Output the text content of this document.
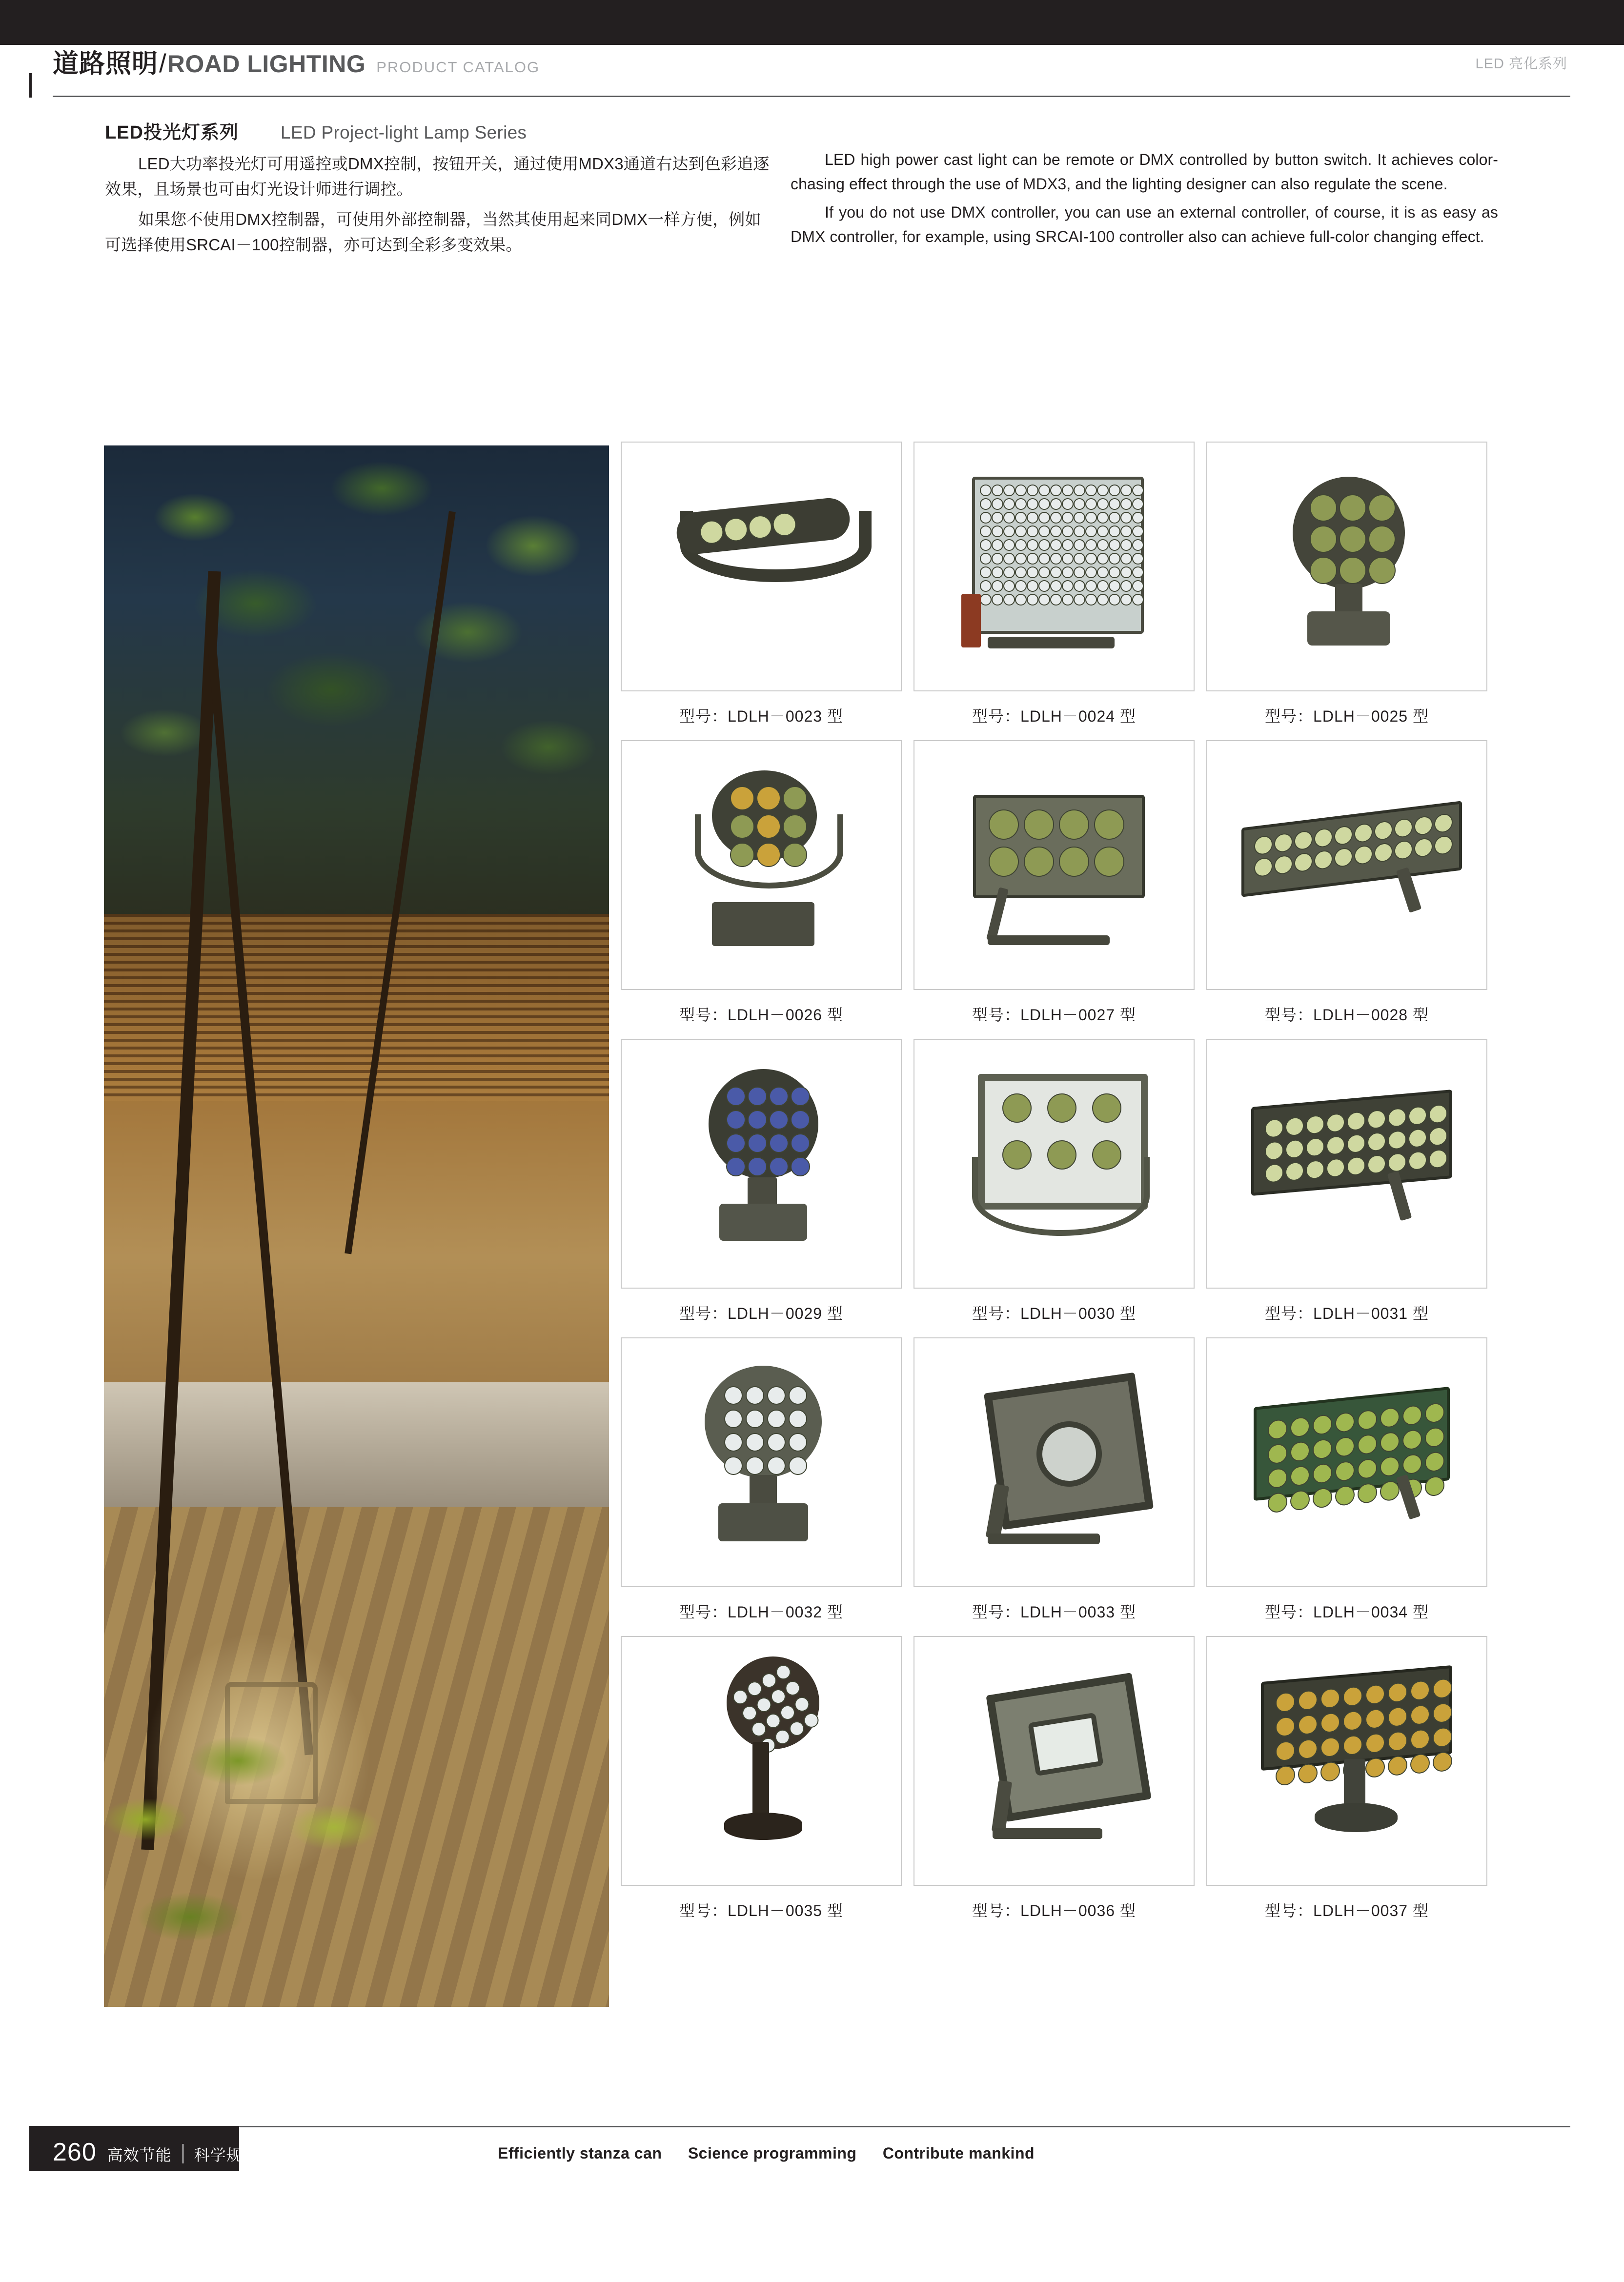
道路照明 / ROAD LIGHTING PRODUCT CATALOG	LED 亮化系列
LED投光灯系列 LED Project-light Lamp Series

LED大功率投光灯可用遥控或DMX控制，按钮开关，通过使用MDX3通道右达到色彩追逐效果，且场景也可由灯光设计师进行调控。

如果您不使用DMX控制器，可使用外部控制器，当然其使用起来同DMX一样方便，例如可选择使用SRCAI－100控制器，亦可达到全彩多变效果。

LED high power cast light can be remote or DMX controlled by button switch. It achieves color-chasing effect through the use of MDX3, and the lighting designer can also regulate the scene.

If you do not use DMX controller, you can use an external controller, of course, it is as easy as DMX controller, for example, using SRCAI-100 controller also can achieve full-color changing effect.

型号：LDLH－0023 型	型号：LDLH－0024 型	型号：LDLH－0025 型
型号：LDLH－0026 型	型号：LDLH－0027 型	型号：LDLH－0028 型
型号：LDLH－0029 型	型号：LDLH－0030 型	型号：LDLH－0031 型
型号：LDLH－0032 型	型号：LDLH－0033 型	型号：LDLH－0034 型
型号：LDLH－0035 型	型号：LDLH－0036 型	型号：LDLH－0037 型
260 高效节能 科学规划 造福人类	Efficiently stanza can Science programming Contribute mankind
